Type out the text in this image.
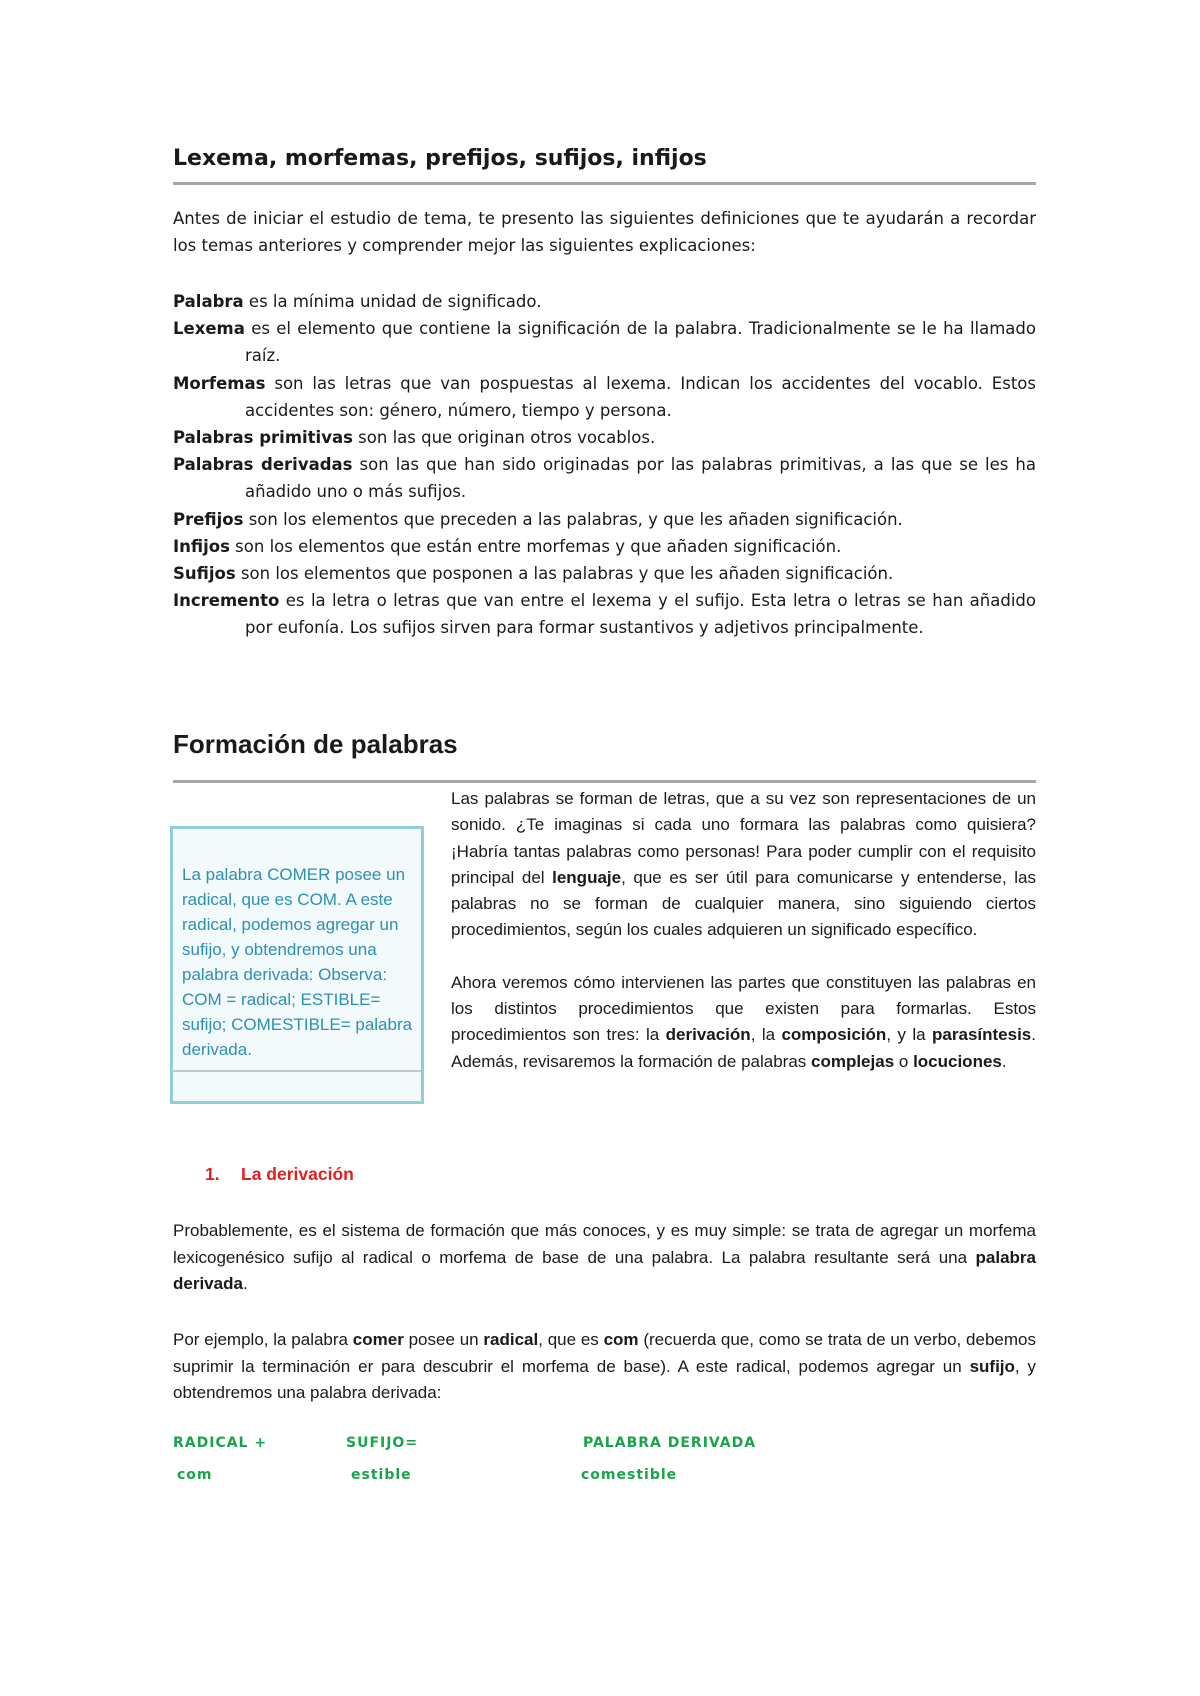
Lexema, morfemas, prefijos, sufijos, infijos

Antes de iniciar el estudio de tema, te presento las siguientes definiciones que te ayudarán a recordar los temas anteriores y comprender mejor las siguientes explicaciones:

Palabra es la mínima unidad de significado.
Lexema es el elemento que contiene la significación de la palabra. Tradicionalmente se le ha llamado raíz.
Morfemas son las letras que van pospuestas al lexema. Indican los accidentes del vocablo. Estos accidentes son: género, número, tiempo y persona.
Palabras primitivas son las que originan otros vocablos.
Palabras derivadas son las que han sido originadas por las palabras primitivas, a las que se les ha añadido uno o más sufijos.
Prefijos son los elementos que preceden a las palabras, y que les añaden significación.
Infijos son los elementos que están entre morfemas y que añaden significación.
Sufijos son los elementos que posponen a las palabras y que les añaden significación.
Incremento es la letra o letras que van entre el lexema y el sufijo. Esta letra o letras se han añadido por eufonía. Los sufijos sirven para formar sustantivos y adjetivos principalmente.
Formación de palabras

La palabra COMER posee un radical, que es COM. A este radical, podemos agregar un sufijo, y obtendremos una palabra derivada: Observa: COM = radical; ESTIBLE= sufijo; COMESTIBLE= palabra derivada.

Las palabras se forman de letras, que a su vez son representaciones de un sonido. ¿Te imaginas si cada uno formara las palabras como quisiera? ¡Habría tantas palabras como personas! Para poder cumplir con el requisito principal del lenguaje, que es ser útil para comunicarse y entenderse, las palabras no se forman de cualquier manera, sino siguiendo ciertos procedimientos, según los cuales adquieren un significado específico.

Ahora veremos cómo intervienen las partes que constituyen las palabras en los distintos procedimientos que existen para formarlas. Estos procedimientos son tres: la derivación, la composición, y la parasíntesis. Además, revisaremos la formación de palabras complejas o locuciones.

1. La derivación

Probablemente, es el sistema de formación que más conoces, y es muy simple: se trata de agregar un morfema lexicogenésico sufijo al radical o morfema de base de una palabra. La palabra resultante será una palabra derivada.

Por ejemplo, la palabra comer posee un radical, que es com (recuerda que, como se trata de un verbo, debemos suprimir la terminación er para descubrir el morfema de base). A este radical, podemos agregar un sufijo, y obtendremos una palabra derivada:

RADICAL +	SUFIJO=	PALABRA DERIVADA
com	estible	comestible
